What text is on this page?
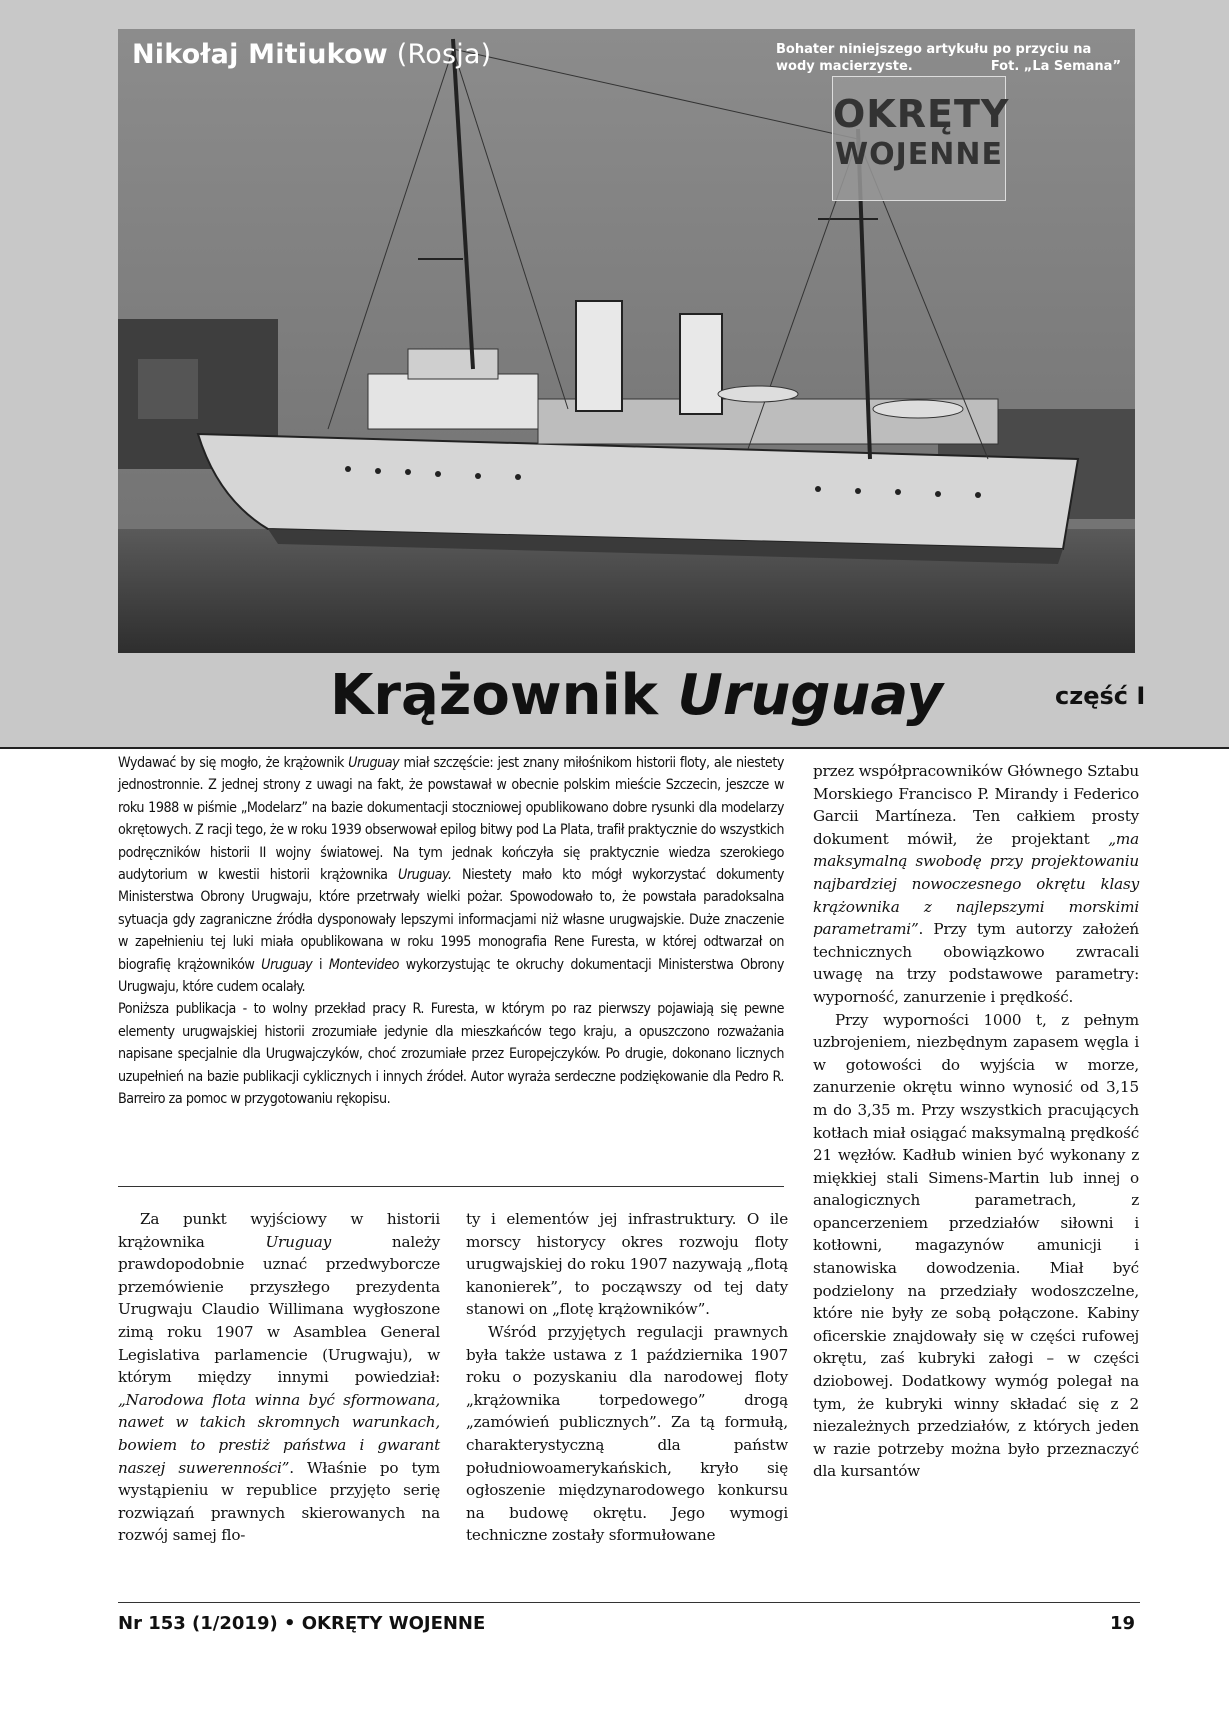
Nikołaj Mitiukow (Rosja)	Bohater niniejszego artykułu po przyciu na wody macierzyste.	Fot. „La Semana”
OKRĘTY
WOJENNE
Krążownik Uruguay	część I

Wydawać by się mogło, że krążownik Uruguay miał szczęście: jest znany miłośnikom historii floty, ale niestety jednostronnie. Z jednej strony z uwagi na fakt, że powstawał w obecnie polskim mieście Szczecin, jeszcze w roku 1988 w piśmie „Modelarz” na bazie dokumentacji stoczniowej opublikowano dobre rysunki dla modelarzy okrętowych. Z racji tego, że w roku 1939 obserwował epilog bitwy pod La Plata, trafił praktycznie do wszystkich podręczników historii II wojny światowej. Na tym jednak kończyła się praktycznie wiedza szerokiego audytorium w kwestii historii krążownika Uruguay. Niestety mało kto mógł wykorzystać dokumenty Ministerstwa Obrony Urugwaju, które przetrwały wielki pożar. Spowodowało to, że powstała paradoksalna sytuacja gdy zagraniczne źródła dysponowały lepszymi informacjami niż własne urugwajskie. Duże znaczenie w zapełnieniu tej luki miała opublikowana w roku 1995 monografia Rene Furesta, w której odtwarzał on biografię krążowników Uruguay i Montevideo wykorzystując te okruchy dokumentacji Ministerstwa Obrony Urugwaju, które cudem ocalały.

Poniższa publikacja - to wolny przekład pracy R. Furesta, w którym po raz pierwszy pojawiają się pewne elementy urugwajskiej historii zrozumiałe jedynie dla mieszkańców tego kraju, a opuszczono rozważania napisane specjalnie dla Urugwajczyków, choć zrozumiałe przez Europejczyków. Po drugie, dokonano licznych uzupełnień na bazie publikacji cyklicznych i innych źródeł. Autor wyraża serdeczne podziękowanie dla Pedro R. Barreiro za pomoc w przygotowaniu rękopisu.

Za punkt wyjściowy w historii krążownika Uruguay należy prawdopodobnie uznać przedwyborcze przemówienie przyszłego prezydenta Urugwaju Claudio Willimana wygłoszone zimą roku 1907 w Asamblea General Legislativa parlamencie (Urugwaju), w którym między innymi powiedział: „Narodowa flota winna być sformowana, nawet w takich skromnych warunkach, bowiem to prestiż państwa i gwarant naszej suwerenności”. Właśnie po tym wystąpieniu w republice przyjęto serię rozwiązań prawnych skierowanych na rozwój samej flo-

ty i elementów jej infrastruktury. O ile morscy historycy okres rozwoju floty urugwajskiej do roku 1907 nazywają „flotą kanonierek”, to począwszy od tej daty stanowi on „flotę krążowników”.

Wśród przyjętych regulacji prawnych była także ustawa z 1 października 1907 roku o pozyskaniu dla narodowej floty „krążownika torpedowego” drogą „zamówień publicznych”. Za tą formułą, charakterystyczną dla państw południowoamerykańskich, kryło się ogłoszenie międzynarodowego konkursu na budowę okrętu. Jego wymogi techniczne zostały sformułowane

przez współpracowników Głównego Sztabu Morskiego Francisco P. Mirandy i Federico Garcii Martíneza. Ten całkiem prosty dokument mówił, że projektant „ma maksymalną swobodę przy projektowaniu najbardziej nowoczesnego okrętu klasy krążownika z najlepszymi morskimi parametrami”. Przy tym autorzy założeń technicznych obowiązkowo zwracali uwagę na trzy podstawowe parametry: wyporność, zanurzenie i prędkość.

Przy wyporności 1000 t, z pełnym uzbrojeniem, niezbędnym zapasem węgla i w gotowości do wyjścia w morze, zanurzenie okrętu winno wynosić od 3,15 m do 3,35 m. Przy wszystkich pracujących kotłach miał osiągać maksymalną prędkość 21 węzłów. Kadłub winien być wykonany z miękkiej stali Simens-Martin lub innej o analogicznych parametrach, z opancerzeniem przedziałów siłowni i kotłowni, magazynów amunicji i stanowiska dowodzenia. Miał być podzielony na przedziały wodoszczelne, które nie były ze sobą połączone. Kabiny oficerskie znajdowały się w części rufowej okrętu, zaś kubryki załogi – w części dziobowej. Dodatkowy wymóg polegał na tym, że kubryki winny składać się z 2 niezależnych przedziałów, z których jeden w razie potrzeby można było przeznaczyć dla kursantów

Nr 153 (1/2019) • OKRĘTY WOJENNE	19
